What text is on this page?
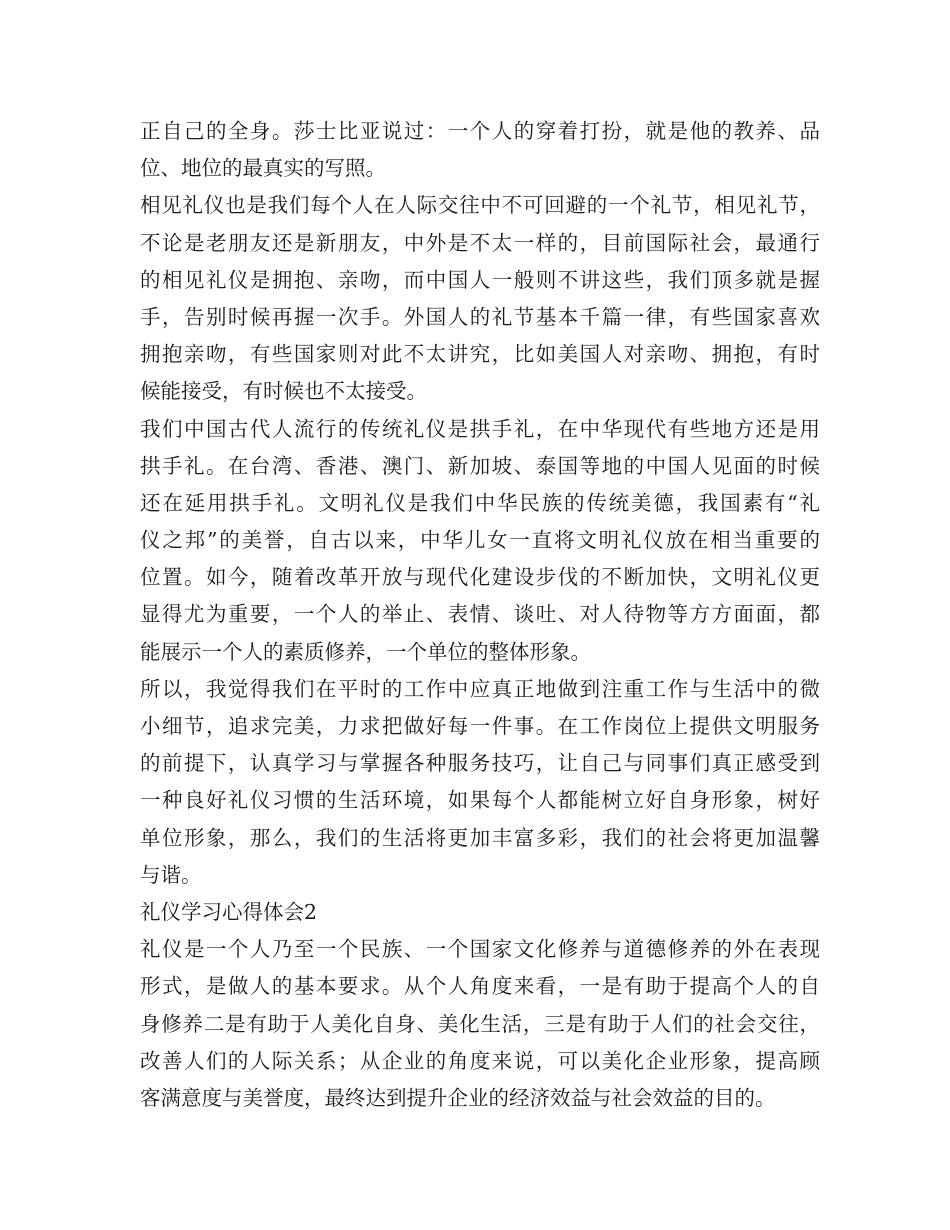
正自己的全身。莎士比亚说过：一个人的穿着打扮，就是他的教养、品
位、地位的最真实的写照。
相见礼仪也是我们每个人在人际交往中不可回避的一个礼节，相见礼节，
不论是老朋友还是新朋友，中外是不太一样的，目前国际社会，最通行
的相见礼仪是拥抱、亲吻，而中国人一般则不讲这些，我们顶多就是握
手，告别时候再握一次手。外国人的礼节基本千篇一律，有些国家喜欢
拥抱亲吻，有些国家则对此不太讲究，比如美国人对亲吻、拥抱，有时
候能接受，有时候也不太接受。
我们中国古代人流行的传统礼仪是拱手礼，在中华现代有些地方还是用
拱手礼。在台湾、香港、澳门、新加坡、泰国等地的中国人见面的时候
还在延用拱手礼。文明礼仪是我们中华民族的传统美德，我国素有“礼
仪之邦”的美誉，自古以来，中华儿女一直将文明礼仪放在相当重要的
位置。如今，随着改革开放与现代化建设步伐的不断加快，文明礼仪更
显得尤为重要，一个人的举止、表情、谈吐、对人待物等方方面面，都
能展示一个人的素质修养，一个单位的整体形象。
所以，我觉得我们在平时的工作中应真正地做到注重工作与生活中的微
小细节，追求完美，力求把做好每一件事。在工作岗位上提供文明服务
的前提下，认真学习与掌握各种服务技巧，让自己与同事们真正感受到
一种良好礼仪习惯的生活环境，如果每个人都能树立好自身形象，树好
单位形象，那么，我们的生活将更加丰富多彩，我们的社会将更加温馨
与谐。
礼仪学习心得体会2
礼仪是一个人乃至一个民族、一个国家文化修养与道德修养的外在表现
形式，是做人的基本要求。从个人角度来看，一是有助于提高个人的自
身修养二是有助于人美化自身、美化生活，三是有助于人们的社会交往，
改善人们的人际关系；从企业的角度来说，可以美化企业形象，提高顾
客满意度与美誉度，最终达到提升企业的经济效益与社会效益的目的。
